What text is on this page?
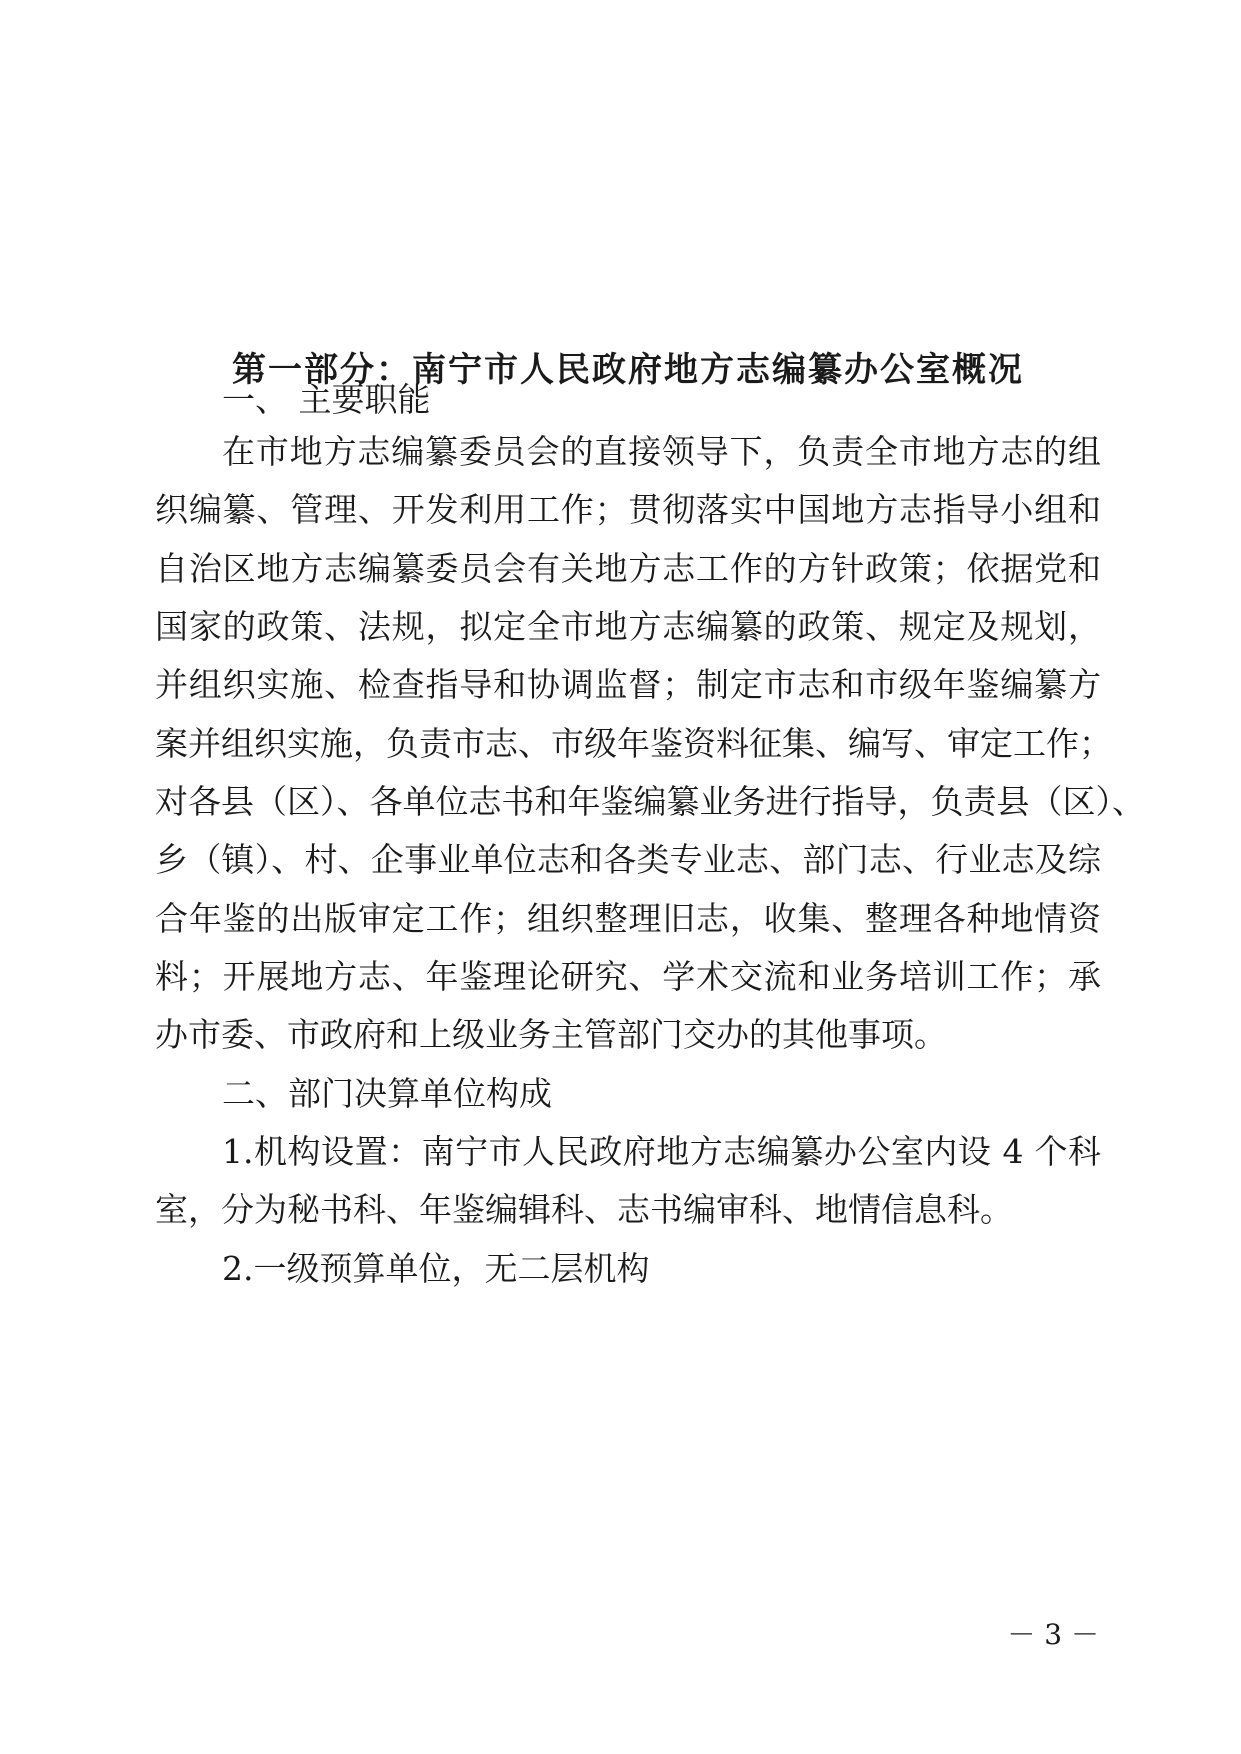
第一部分：南宁市人民政府地方志编纂办公室概况
一、 主要职能
在市地方志编纂委员会的直接领导下，负责全市地方志的组
织编纂、管理、开发利用工作；贯彻落实中国地方志指导小组和
自治区地方志编纂委员会有关地方志工作的方针政策；依据党和
国家的政策、法规，拟定全市地方志编纂的政策、规定及规划，
并组织实施、检查指导和协调监督；制定市志和市级年鉴编纂方
案并组织实施，负责市志、市级年鉴资料征集、编写、审定工作；
对各县（区）、各单位志书和年鉴编纂业务进行指导，负责县（区）、
乡（镇）、村、企事业单位志和各类专业志、部门志、行业志及综
合年鉴的出版审定工作；组织整理旧志，收集、整理各种地情资
料；开展地方志、年鉴理论研究、学术交流和业务培训工作；承
办市委、市政府和上级业务主管部门交办的其他事项。
二、部门决算单位构成
1.机构设置：南宁市人民政府地方志编纂办公室内设 4 个科
室，分为秘书科、年鉴编辑科、志书编审科、地情信息科。
2.一级预算单位，无二层机构
－ 3 －
